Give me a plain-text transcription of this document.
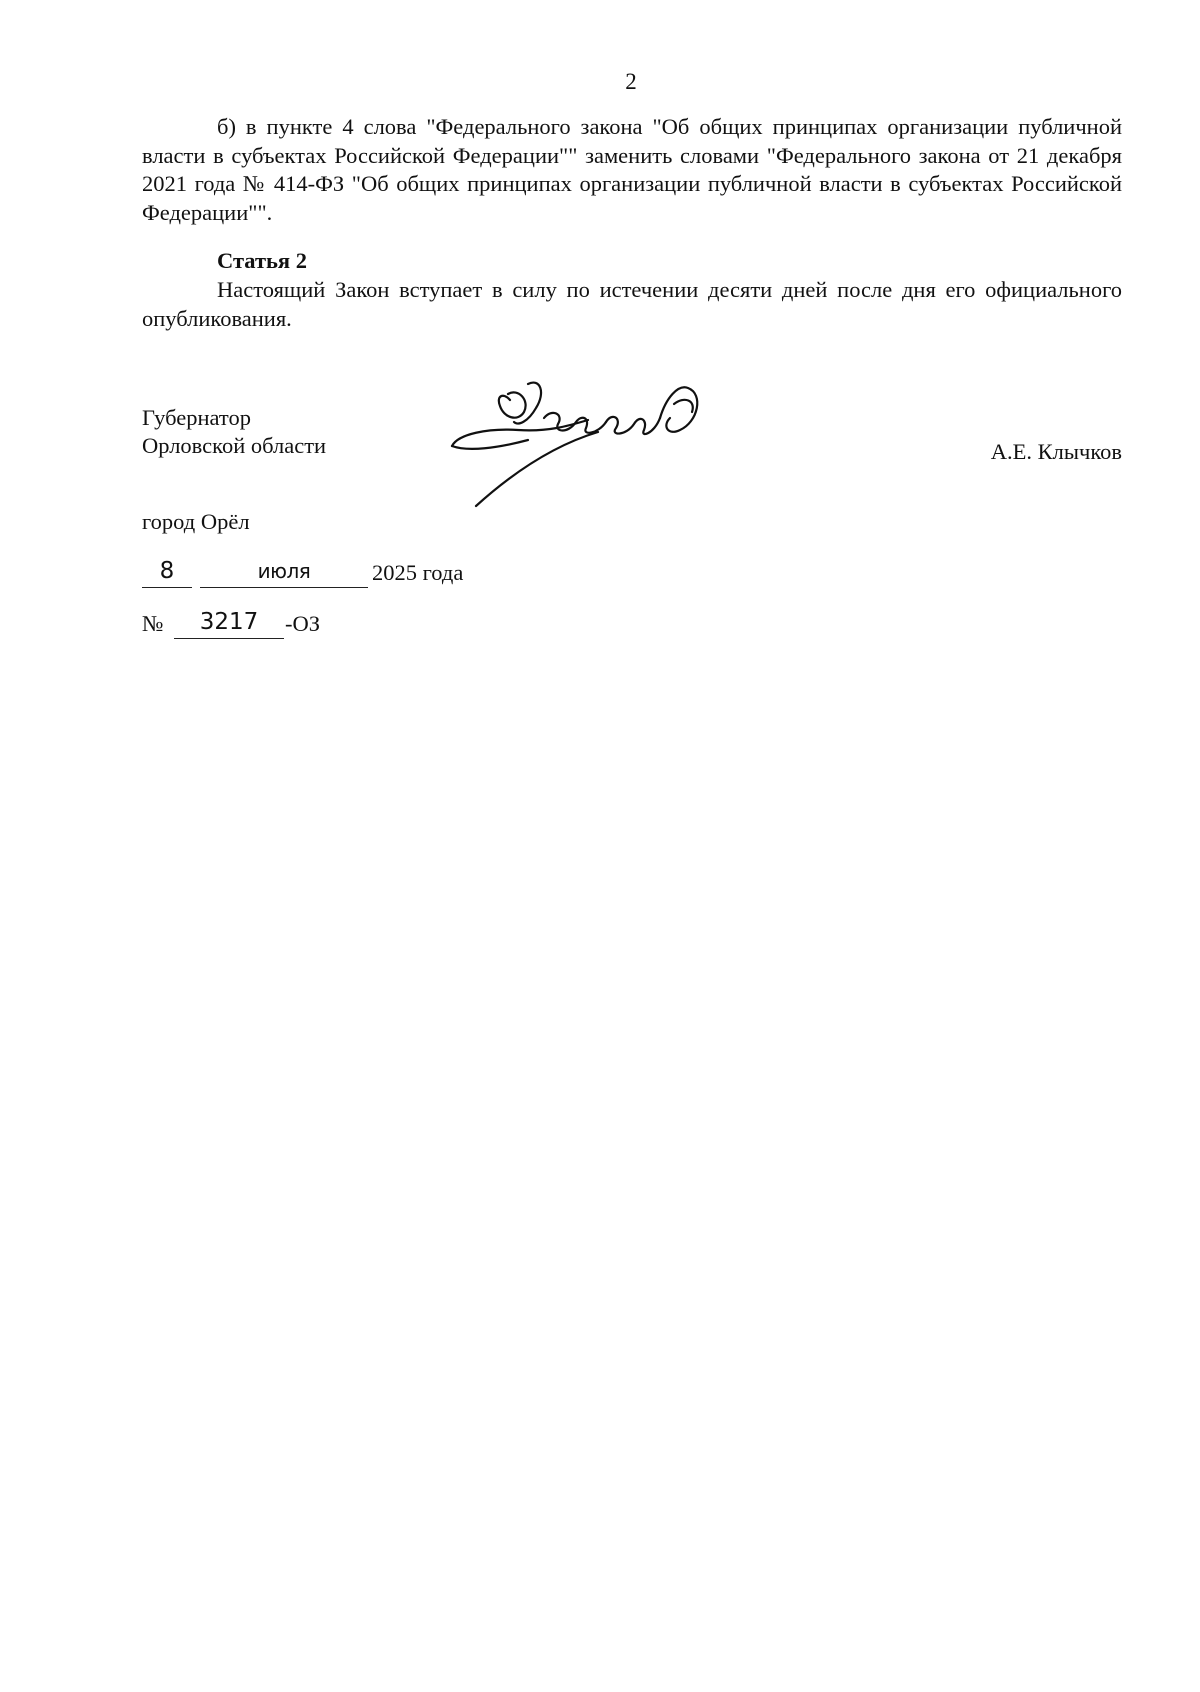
2

б) в пункте 4 слова "Федерального закона "Об общих принципах организации публичной власти в субъектах Российской Федерации"" заменить словами "Федерального закона от 21 декабря 2021 года № 414-ФЗ "Об общих принципах организации публичной власти в субъектах Российской Федерации"".

Статья 2

Настоящий Закон вступает в силу по истечении десяти дней после дня его официального опубликования.

Губернатор
Орловской области	А.Е. Клычков
город Орёл
8	июля	2025 года
№	3217	-ОЗ
